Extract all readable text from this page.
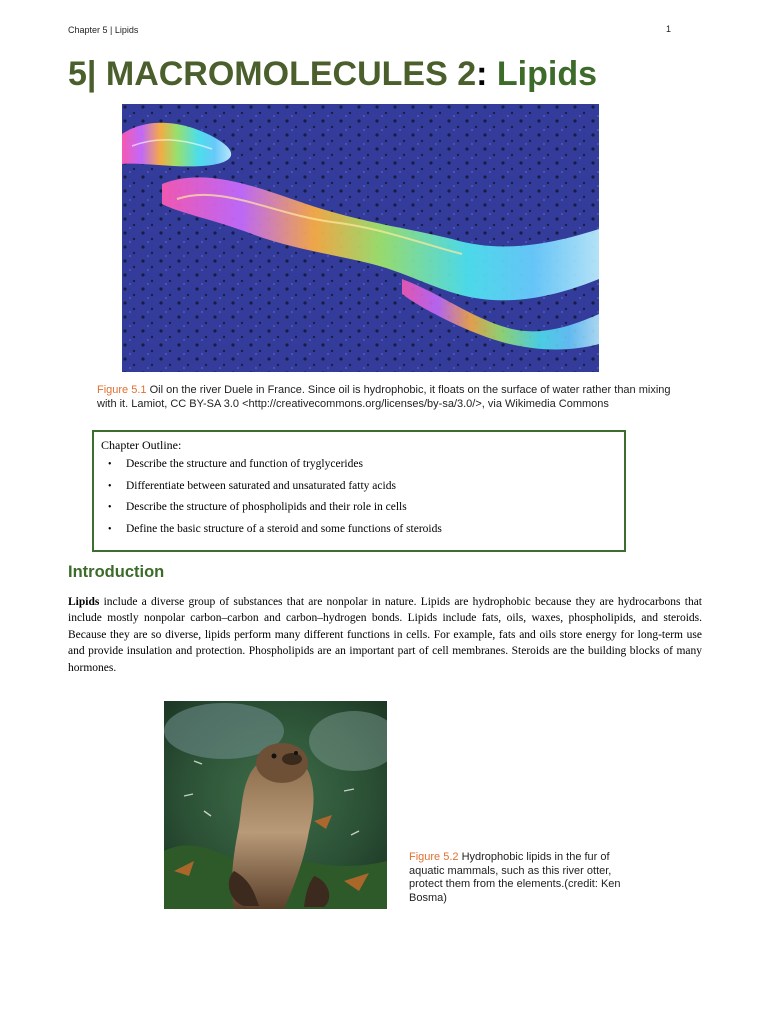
Chapter 5 | Lipids	1
5| MACROMOLECULES 2: Lipids
Figure 5.1 Oil on the river Duele in France. Since oil is hydrophobic, it floats on the surface of water rather than mixing with it. Lamiot, CC BY-SA 3.0 <http://creativecommons.org/licenses/by-sa/3.0/>, via Wikimedia Commons
Chapter Outline:
• Describe the structure and function of tryglycerides
• Differentiate between saturated and unsaturated fatty acids
• Describe the structure of phospholipids and their role in cells
• Define the basic structure of a steroid and some functions of steroids
Introduction

Lipids include a diverse group of substances that are nonpolar in nature. Lipids are hydrophobic because they are hydrocarbons that include mostly nonpolar carbon–carbon and carbon–hydrogen bonds. Lipids include fats, oils, waxes, phospholipids, and steroids. Because they are so diverse, lipids perform many different functions in cells. For example, fats and oils store energy for long-term use and provide insulation and protection. Phospholipids are an important part of cell membranes. Steroids are the building blocks of many hormones.

Figure 5.2 Hydrophobic lipids in the fur of aquatic mammals, such as this river otter, protect them from the elements.(credit: Ken Bosma)
